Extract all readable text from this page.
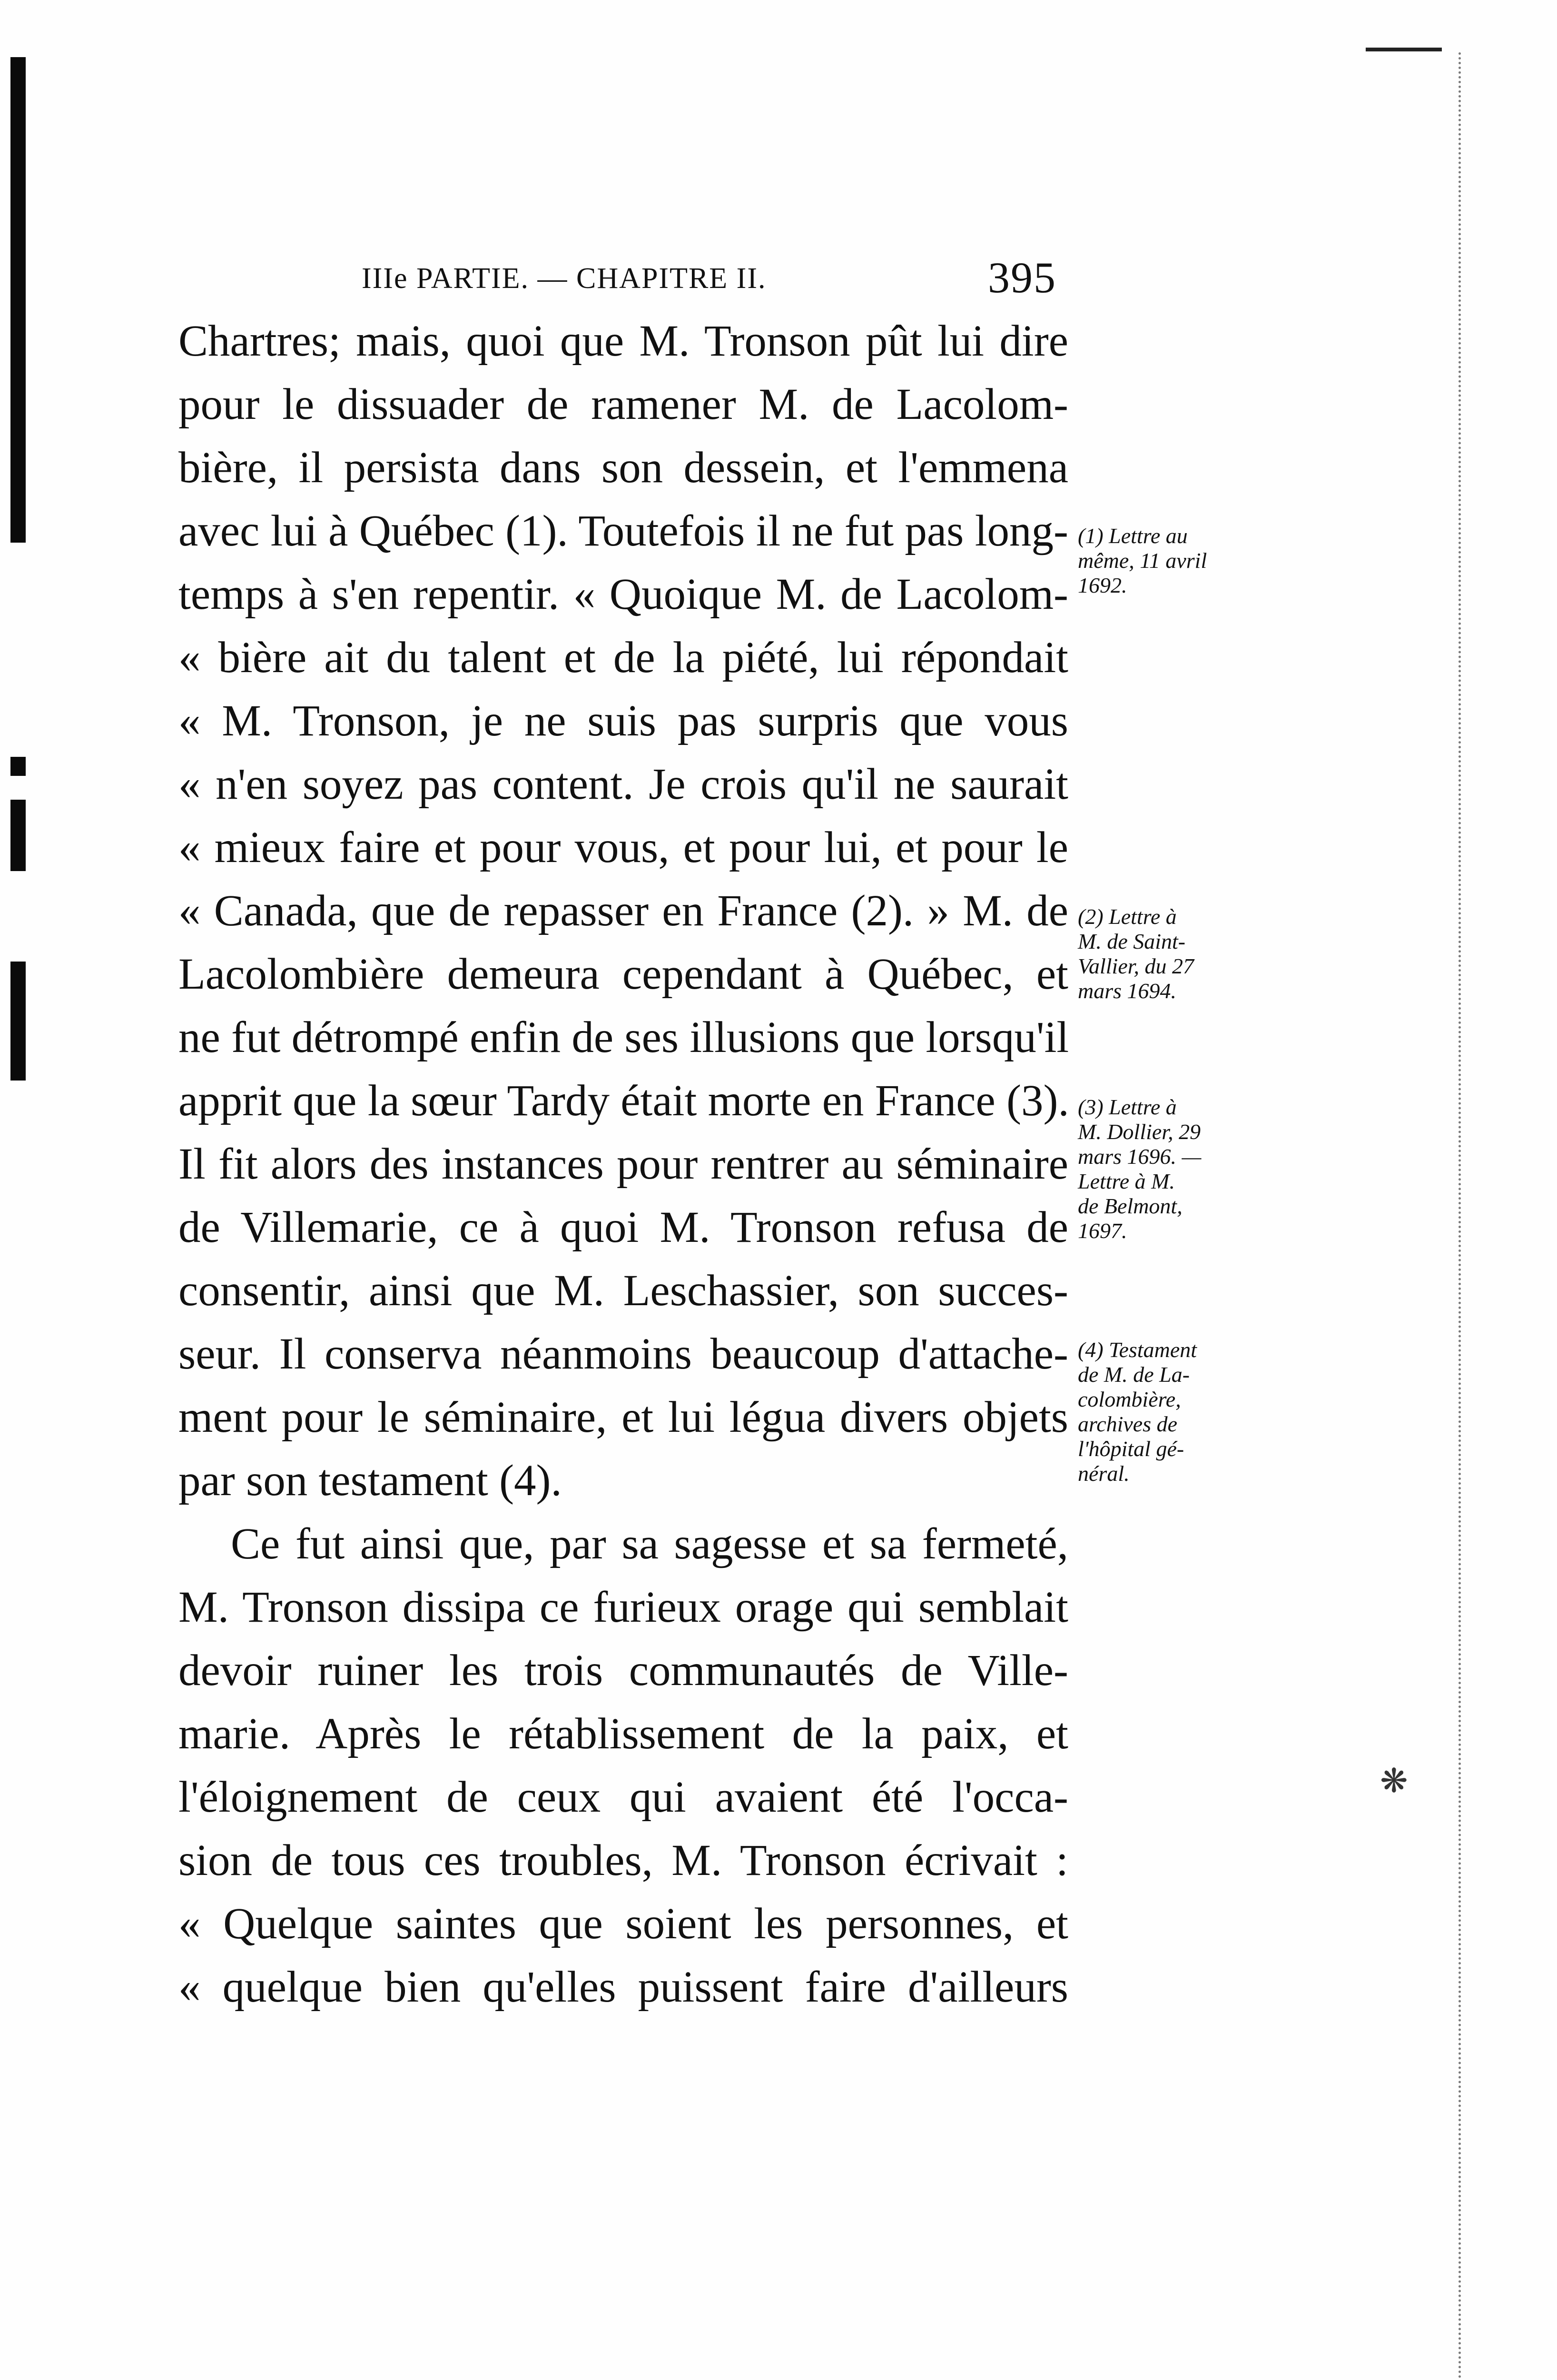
IIIe PARTIE. — CHAPITRE II.	395
Chartres; mais, quoi que M. Tronson pût lui dire
pour le dissuader de ramener M. de Lacolom-
bière, il persista dans son dessein, et l'emmena
avec lui à Québec (1). Toutefois il ne fut pas long-
temps à s'en repentir. « Quoique M. de Lacolom-
« bière ait du talent et de la piété, lui répondait
« M. Tronson, je ne suis pas surpris que vous
« n'en soyez pas content. Je crois qu'il ne saurait
« mieux faire et pour vous, et pour lui, et pour le
« Canada, que de repasser en France (2). » M. de
Lacolombière demeura cependant à Québec, et
ne fut détrompé enfin de ses illusions que lorsqu'il
apprit que la sœur Tardy était morte en France (3).
Il fit alors des instances pour rentrer au séminaire
de Villemarie, ce à quoi M. Tronson refusa de
consentir, ainsi que M. Leschassier, son succes-
seur. Il conserva néanmoins beaucoup d'attache-
ment pour le séminaire, et lui légua divers objets
par son testament (4).
Ce fut ainsi que, par sa sagesse et sa fermeté,
M. Tronson dissipa ce furieux orage qui semblait
devoir ruiner les trois communautés de Ville-
marie. Après le rétablissement de la paix, et
l'éloignement de ceux qui avaient été l'occa-
sion de tous ces troubles, M. Tronson écrivait :
« Quelque saintes que soient les personnes, et
« quelque bien qu'elles puissent faire d'ailleurs
(1) Lettre au
même, 11 avril
1692.
(2) Lettre à
M. de Saint-
Vallier, du 27
mars 1694.
(3) Lettre à
M. Dollier, 29
mars 1696. —
Lettre à M.
de Belmont,
1697.
(4) Testament
de M. de La-
colombière,
archives de
l'hôpital gé-
néral.
❋
